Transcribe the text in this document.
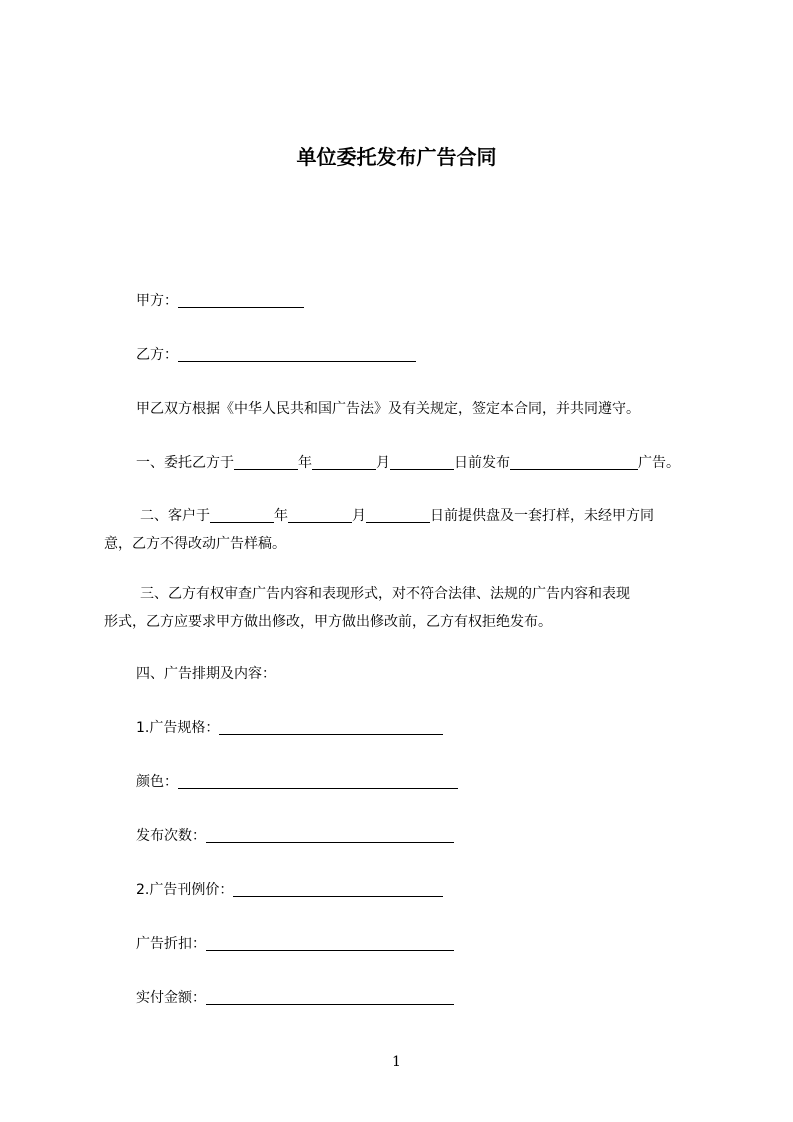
单位委托发布广告合同
甲方：
乙方：
甲乙双方根据《中华人民共和国广告法》及有关规定，签定本合同，并共同遵守。
一、委托乙方于	年	月	日前发布	广告。
二、客户于	年	月	日前提供盘及一套打样，未经甲方同
意，乙方不得改动广告样稿。
三、乙方有权审查广告内容和表现形式，对不符合法律、法规的广告内容和表现
形式，乙方应要求甲方做出修改，甲方做出修改前，乙方有权拒绝发布。
四、广告排期及内容：
1.广告规格：
颜色：
发布次数：
2.广告刊例价：
广告折扣：
实付金额：
1
